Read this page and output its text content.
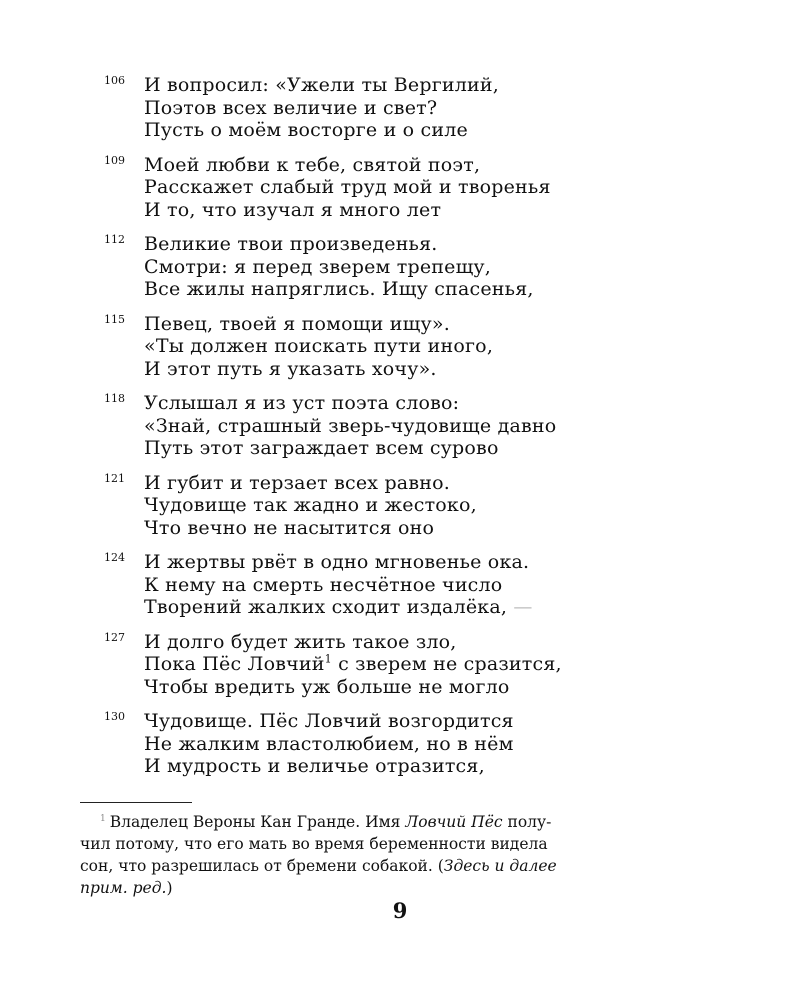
106 И вопросил: «Ужели ты Вергилий,
Поэтов всех величие и свет?
Пусть о моём восторге и о силе
109 Моей любви к тебе, святой поэт,
Расскажет слабый труд мой и творенья
И то, что изучал я много лет
112 Великие твои произведенья.
Смотри: я перед зверем трепещу,
Все жилы напряглись. Ищу спасенья,
115 Певец, твоей я помощи ищу».
«Ты должен поискать пути иного,
И этот путь я указать хочу».
118 Услышал я из уст поэта слово:
«Знай, страшный зверь-чудовище давно
Путь этот заграждает всем сурово
121 И губит и терзает всех равно.
Чудовище так жадно и жестоко,
Что вечно не насытится оно
124 И жертвы рвёт в одно мгновенье ока.
К нему на смерть несчётное число
Творений жалких сходит издалёка, —
127 И долго будет жить такое зло,
Пока Пёс Ловчий$^1$ с зверем не сразится,
Чтобы вредить уж больше не могло
130 Чудовище. Пёс Ловчий возгордится
Не жалким властолюбием, но в нём
И мудрость и величье отразится,
$^1$ Владелец Вероны Кан Гранде. Имя Ловчий Пёс полу-
чил потому, что его мать во время беременности видела
сон, что разрешилась от бремени собакой. (Здесь и далее
прим. ред.)
9
